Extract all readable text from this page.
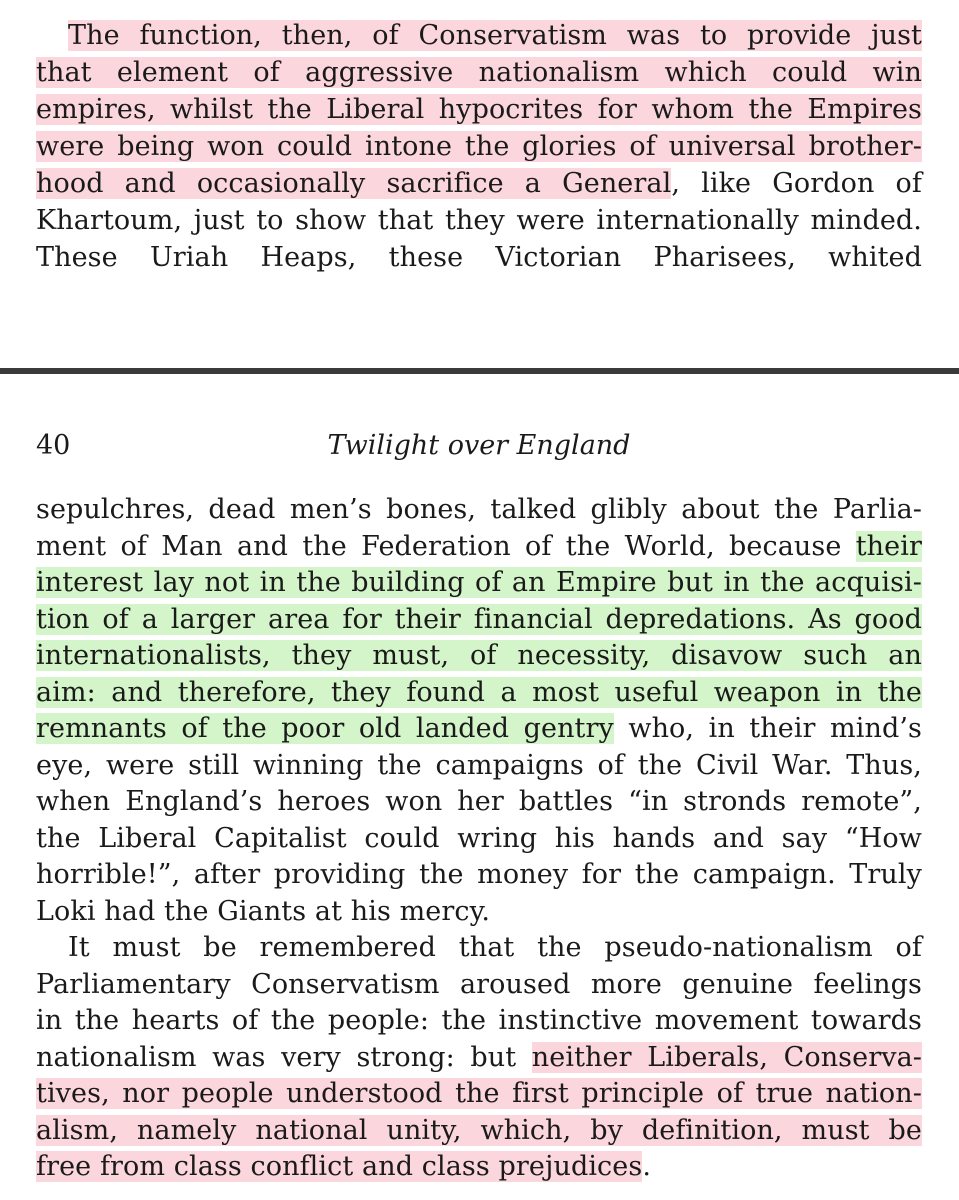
The function, then, of Conservatism was to provide just
that element of aggressive nationalism which could win
empires, whilst the Liberal hypocrites for whom the Empires
were being won could intone the glories of universal brother-
hood and occasionally sacrifice a General, like Gordon of
Khartoum, just to show that they were internationally minded.
These Uriah Heaps, these Victorian Pharisees, whited
40	Twilight over England
sepulchres, dead men’s bones, talked glibly about the Parlia-
ment of Man and the Federation of the World, because their
interest lay not in the building of an Empire but in the acquisi-
tion of a larger area for their financial depredations. As good
internationalists, they must, of necessity, disavow such an
aim: and therefore, they found a most useful weapon in the
remnants of the poor old landed gentry who, in their mind’s
eye, were still winning the campaigns of the Civil War. Thus,
when England’s heroes won her battles “in stronds remote”,
the Liberal Capitalist could wring his hands and say “How
horrible!”, after providing the money for the campaign. Truly
Loki had the Giants at his mercy.
It must be remembered that the pseudo-nationalism of
Parliamentary Conservatism aroused more genuine feelings
in the hearts of the people: the instinctive movement towards
nationalism was very strong: but neither Liberals, Conserva-
tives, nor people understood the first principle of true nation-
alism, namely national unity, which, by definition, must be
free from class conflict and class prejudices.
